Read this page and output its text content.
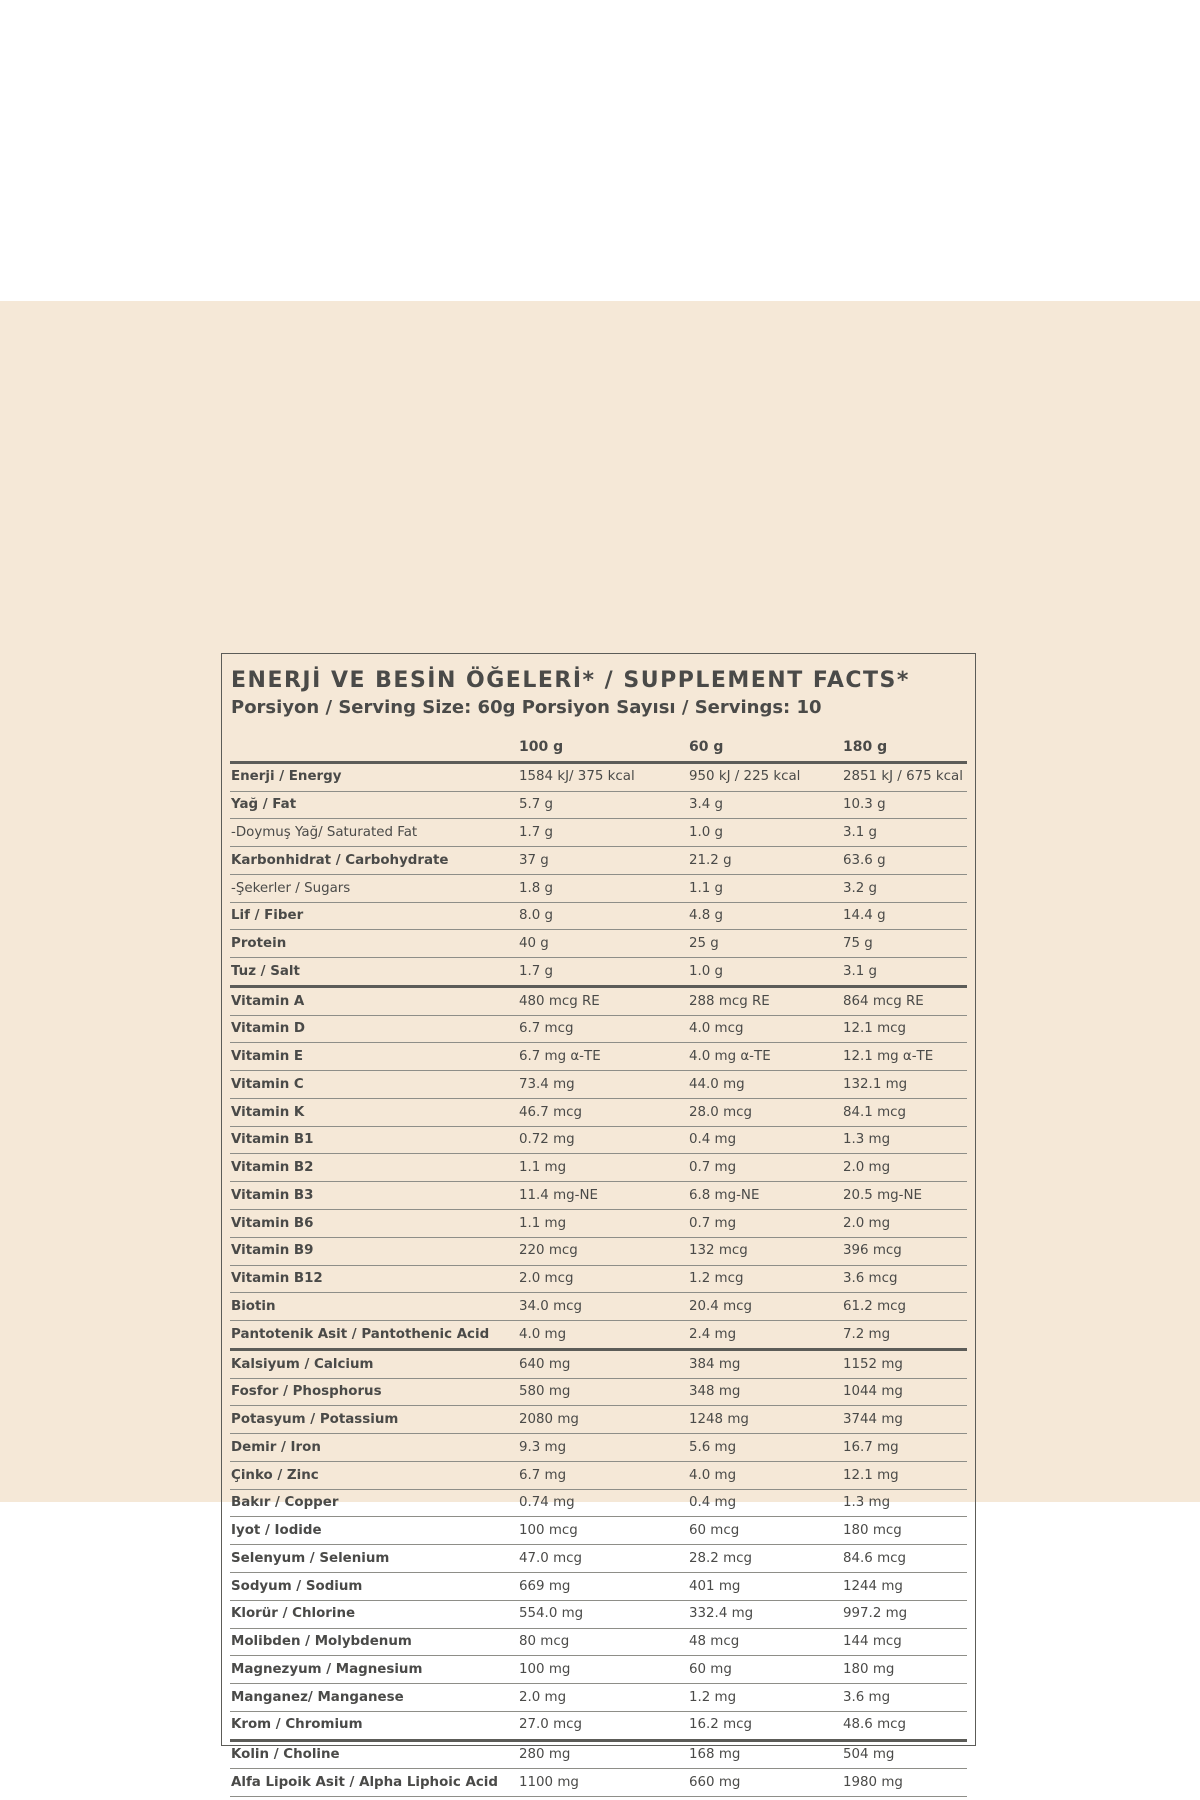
ENERJİ VE BESİN ÖĞELERİ* / SUPPLEMENT FACTS*

Porsiyon / Serving Size: 60g Porsiyon Sayısı / Servings: 10

	100 g	60 g	180 g
Enerji / Energy	1584 kJ/ 375 kcal	950 kJ / 225 kcal	2851 kJ / 675 kcal
Yağ / Fat	5.7 g	3.4 g	10.3 g
-Doymuş Yağ/ Saturated Fat	1.7 g	1.0 g	3.1 g
Karbonhidrat / Carbohydrate	37 g	21.2 g	63.6 g
-Şekerler / Sugars	1.8 g	1.1 g	3.2 g
Lif / Fiber	8.0 g	4.8 g	14.4 g
Protein	40 g	25 g	75 g
Tuz / Salt	1.7 g	1.0 g	3.1 g
Vitamin A	480 mcg RE	288 mcg RE	864 mcg RE
Vitamin D	6.7 mcg	4.0 mcg	12.1 mcg
Vitamin E	6.7 mg α-TE	4.0 mg α-TE	12.1 mg α-TE
Vitamin C	73.4 mg	44.0 mg	132.1 mg
Vitamin K	46.7 mcg	28.0 mcg	84.1 mcg
Vitamin B1	0.72 mg	0.4 mg	1.3 mg
Vitamin B2	1.1 mg	0.7 mg	2.0 mg
Vitamin B3	11.4 mg-NE	6.8 mg-NE	20.5 mg-NE
Vitamin B6	1.1 mg	0.7 mg	2.0 mg
Vitamin B9	220 mcg	132 mcg	396 mcg
Vitamin B12	2.0 mcg	1.2 mcg	3.6 mcg
Biotin	34.0 mcg	20.4 mcg	61.2 mcg
Pantotenik Asit / Pantothenic Acid	4.0 mg	2.4 mg	7.2 mg
Kalsiyum / Calcium	640 mg	384 mg	1152 mg
Fosfor / Phosphorus	580 mg	348 mg	1044 mg
Potasyum / Potassium	2080 mg	1248 mg	3744 mg
Demir / Iron	9.3 mg	5.6 mg	16.7 mg
Çinko / Zinc	6.7 mg	4.0 mg	12.1 mg
Bakır / Copper	0.74 mg	0.4 mg	1.3 mg
Iyot / Iodide	100 mcg	60 mcg	180 mcg
Selenyum / Selenium	47.0 mcg	28.2 mcg	84.6 mcg
Sodyum / Sodium	669 mg	401 mg	1244 mg
Klorür / Chlorine	554.0 mg	332.4 mg	997.2 mg
Molibden / Molybdenum	80 mcg	48 mcg	144 mcg
Magnezyum / Magnesium	100 mg	60 mg	180 mg
Manganez/ Manganese	2.0 mg	1.2 mg	3.6 mg
Krom / Chromium	27.0 mcg	16.2 mcg	48.6 mcg
Kolin / Choline	280 mg	168 mg	504 mg
Alfa Lipoik Asit / Alpha Liphoic Acid	1100 mg	660 mg	1980 mg
